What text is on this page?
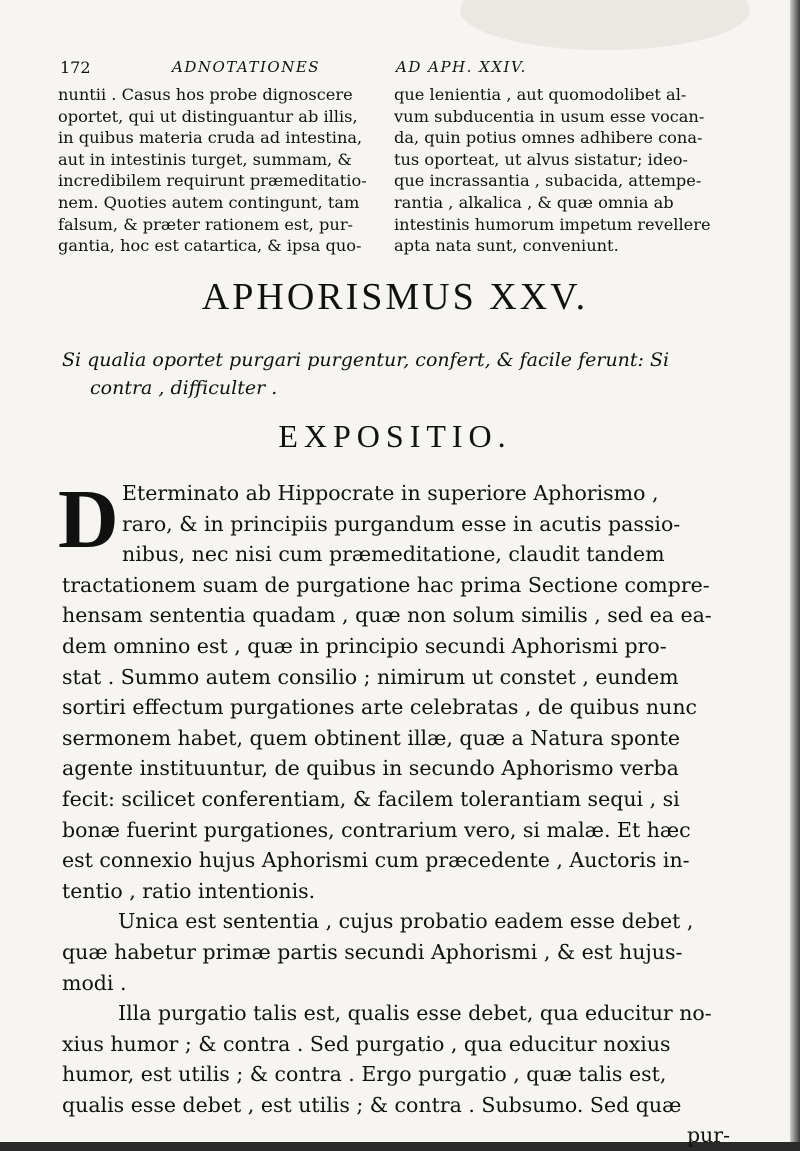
172	ADNOTATIONES	AD APH. XXIV.
nuntii . Casus hos probe dignoscere
oportet, qui ut distinguantur ab illis,
in quibus materia cruda ad intestina,
aut in intestinis turget, summam, &
incredibilem requirunt præmeditatio-
nem. Quoties autem contingunt, tam
falsum, & præter rationem est, pur-
gantia, hoc est catartica, & ipsa quo-
que lenientia , aut quomodolibet al-
vum subducentia in usum esse vocan-
da, quin potius omnes adhibere cona-
tus oporteat, ut alvus sistatur; ideo-
que incrassantia , subacida, attempe-
rantia , alkalica , & quæ omnia ab
intestinis humorum impetum revellere
apta nata sunt, conveniunt.
APHORISMUS XXV.
Si qualia oportet purgari purgentur, confert, & facile ferunt: Si
contra , difficulter .
EXPOSITIO.
D Eterminato ab Hippocrate in superiore Aphorismo ,
raro, & in principiis purgandum esse in acutis passio-
nibus, nec nisi cum præmeditatione, claudit tandem
tractationem suam de purgatione hac prima Sectione compre-
hensam sententia quadam , quæ non solum similis , sed ea ea-
dem omnino est , quæ in principio secundi Aphorismi pro-
stat . Summo autem consilio ; nimirum ut constet , eundem
sortiri effectum purgationes arte celebratas , de quibus nunc
sermonem habet, quem obtinent illæ, quæ a Natura sponte
agente instituuntur, de quibus in secundo Aphorismo verba
fecit: scilicet conferentiam, & facilem tolerantiam sequi , si
bonæ fuerint purgationes, contrarium vero, si malæ. Et hæc
est connexio hujus Aphorismi cum præcedente , Auctoris in-
tentio , ratio intentionis.
Unica est sententia , cujus probatio eadem esse debet ,
quæ habetur primæ partis secundi Aphorismi , & est hujus-
modi .
Illa purgatio talis est, qualis esse debet, qua educitur no-
xius humor ; & contra . Sed purgatio , qua educitur noxius
humor, est utilis ; & contra . Ergo purgatio , quæ talis est,
qualis esse debet , est utilis ; & contra . Subsumo. Sed quæ
pur-
